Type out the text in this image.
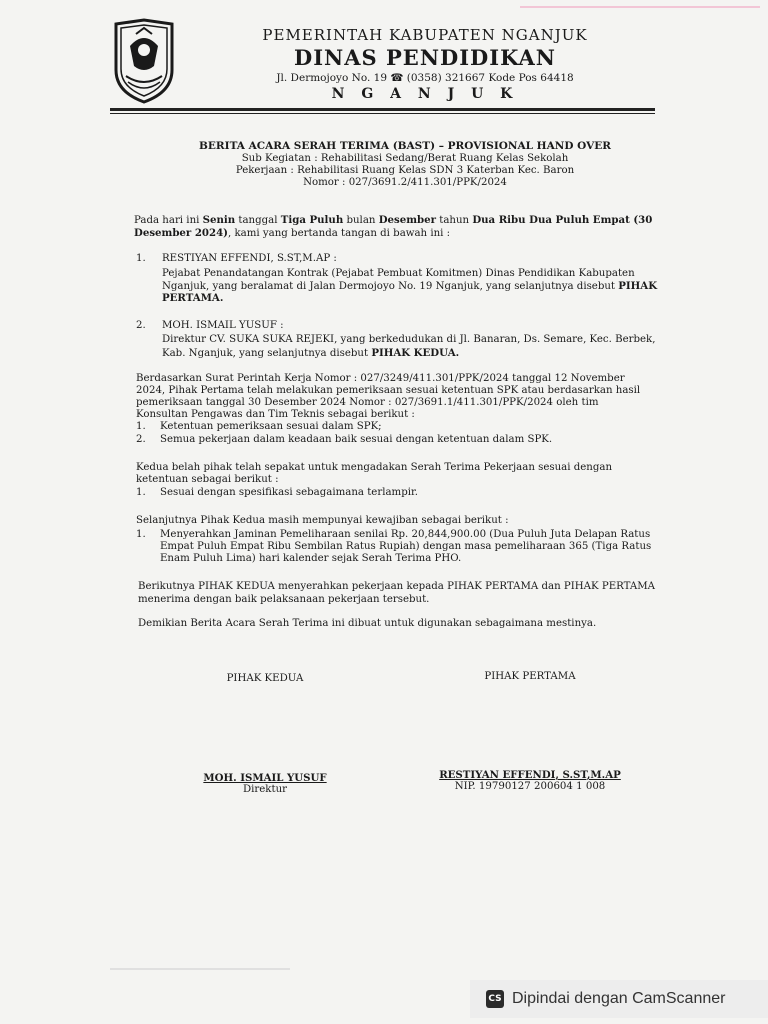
PEMERINTAH KABUPATEN NGANJUK
DINAS PENDIDIKAN
Jl. Dermojoyo No. 19 ☎ (0358) 321667 Kode Pos 64418
N G A N J U K
BERITA ACARA SERAH TERIMA (BAST) – PROVISIONAL HAND OVER
Sub Kegiatan : Rehabilitasi Sedang/Berat Ruang Kelas Sekolah
Pekerjaan : Rehabilitasi Ruang Kelas SDN 3 Katerban Kec. Baron
Nomor : 027/3691.2/411.301/PPK/2024
Pada hari ini Senin tanggal Tiga Puluh bulan Desember tahun Dua Ribu Dua Puluh Empat (30
Desember 2024), kami yang bertanda tangan di bawah ini :
1. RESTIYAN EFFENDI, S.ST,M.AP :
Pejabat Penandatangan Kontrak (Pejabat Pembuat Komitmen) Dinas Pendidikan Kabupaten
Nganjuk, yang beralamat di Jalan Dermojoyo No. 19 Nganjuk, yang selanjutnya disebut PIHAK
PERTAMA.
2. MOH. ISMAIL YUSUF :
Direktur CV. SUKA SUKA REJEKI, yang berkedudukan di Jl. Banaran, Ds. Semare, Kec. Berbek,
Kab. Nganjuk, yang selanjutnya disebut PIHAK KEDUA.
Berdasarkan Surat Perintah Kerja Nomor : 027/3249/411.301/PPK/2024 tanggal 12 November
2024, Pihak Pertama telah melakukan pemeriksaan sesuai ketentuan SPK atau berdasarkan hasil
pemeriksaan tanggal 30 Desember 2024 Nomor : 027/3691.1/411.301/PPK/2024 oleh tim
Konsultan Pengawas dan Tim Teknis sebagai berikut :
1. Ketentuan pemeriksaan sesuai dalam SPK;
2. Semua pekerjaan dalam keadaan baik sesuai dengan ketentuan dalam SPK.
Kedua belah pihak telah sepakat untuk mengadakan Serah Terima Pekerjaan sesuai dengan
ketentuan sebagai berikut :
1. Sesuai dengan spesifikasi sebagaimana terlampir.
Selanjutnya Pihak Kedua masih mempunyai kewajiban sebagai berikut :
1. Menyerahkan Jaminan Pemeliharaan senilai Rp. 20,844,900.00 (Dua Puluh Juta Delapan Ratus
Empat Puluh Empat Ribu Sembilan Ratus Rupiah) dengan masa pemeliharaan 365 (Tiga Ratus
Enam Puluh Lima) hari kalender sejak Serah Terima PHO.
Berikutnya PIHAK KEDUA menyerahkan pekerjaan kepada PIHAK PERTAMA dan PIHAK PERTAMA
menerima dengan baik pelaksanaan pekerjaan tersebut.
Demikian Berita Acara Serah Terima ini dibuat untuk digunakan sebagaimana mestinya.
PIHAK KEDUA	PIHAK PERTAMA
MOH. ISMAIL YUSUF
Direktur
RESTIYAN EFFENDI, S.ST,M.AP
NIP. 19790127 200604 1 008
CS Dipindai dengan CamScanner
